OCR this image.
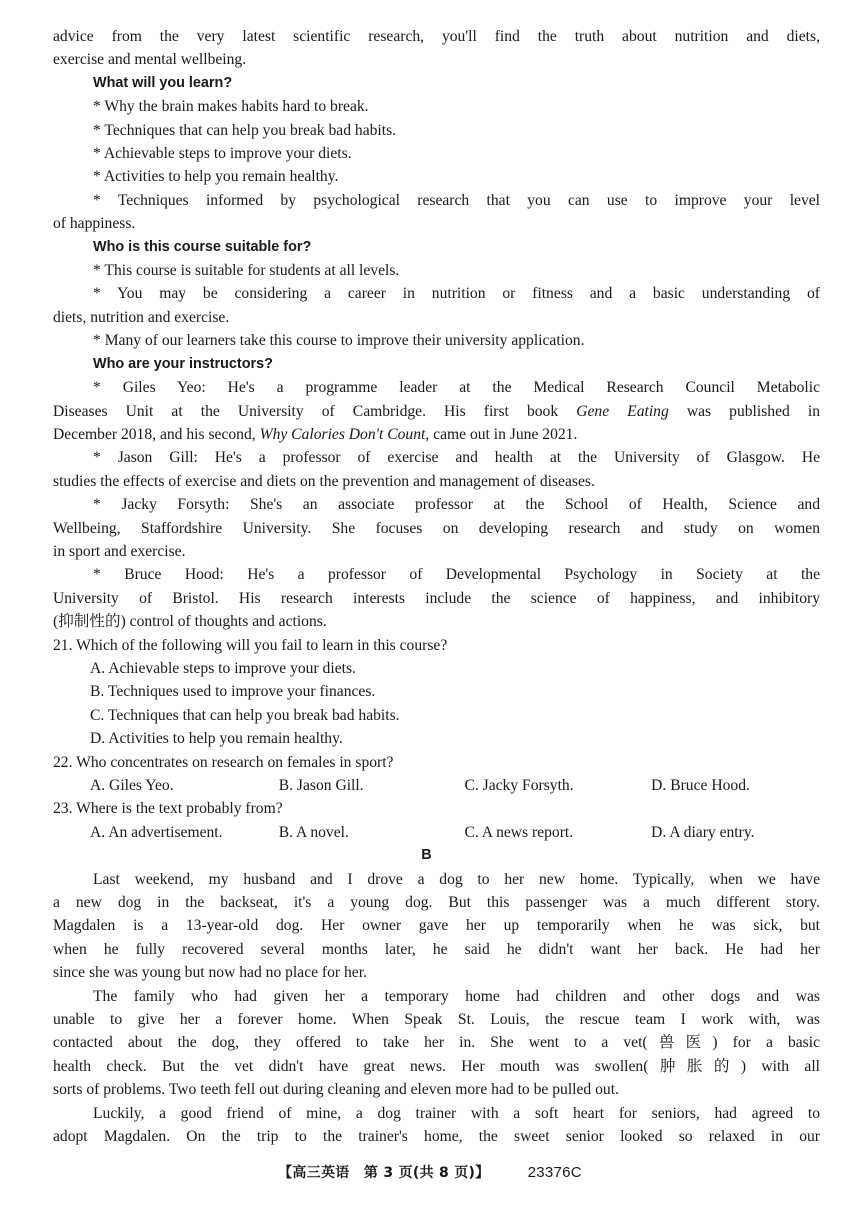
advice from the very latest scientific research, you'll find the truth about nutrition and diets,

exercise and mental wellbeing.

What will you learn?

* Why the brain makes habits hard to break.

* Techniques that can help you break bad habits.

* Achievable steps to improve your diets.

* Activities to help you remain healthy.

* Techniques informed by psychological research that you can use to improve your level

of happiness.

Who is this course suitable for?

* This course is suitable for students at all levels.

* You may be considering a career in nutrition or fitness and a basic understanding of

diets, nutrition and exercise.

* Many of our learners take this course to improve their university application.

Who are your instructors?

* Giles Yeo: He's a programme leader at the Medical Research Council Metabolic

Diseases Unit at the University of Cambridge. His first book Gene Eating was published in

December 2018, and his second, Why Calories Don't Count, came out in June 2021.

* Jason Gill: He's a professor of exercise and health at the University of Glasgow. He

studies the effects of exercise and diets on the prevention and management of diseases.

* Jacky Forsyth: She's an associate professor at the School of Health, Science and

Wellbeing, Staffordshire University. She focuses on developing research and study on women

in sport and exercise.

* Bruce Hood: He's a professor of Developmental Psychology in Society at the

University of Bristol. His research interests include the science of happiness, and inhibitory

(抑制性的) control of thoughts and actions.

21. Which of the following will you fail to learn in this course?

A. Achievable steps to improve your diets.

B. Techniques used to improve your finances.

C. Techniques that can help you break bad habits.

D. Activities to help you remain healthy.

22. Who concentrates on research on females in sport?

A. Giles Yeo.	B. Jason Gill.	C. Jacky Forsyth.	D. Bruce Hood.

23. Where is the text probably from?

A. An advertisement.	B. A novel.	C. A news report.	D. A diary entry.

B

Last weekend, my husband and I drove a dog to her new home. Typically, when we have

a new dog in the backseat, it's a young dog. But this passenger was a much different story.

Magdalen is a 13-year-old dog. Her owner gave her up temporarily when he was sick, but

when he fully recovered several months later, he said he didn't want her back. He had her

since she was young but now had no place for her.

The family who had given her a temporary home had children and other dogs and was

unable to give her a forever home. When Speak St. Louis, the rescue team I work with, was

contacted about the dog, they offered to take her in. She went to a vet(兽医) for a basic

health check. But the vet didn't have great news. Her mouth was swollen(肿胀的) with all

sorts of problems. Two teeth fell out during cleaning and eleven more had to be pulled out.

Luckily, a good friend of mine, a dog trainer with a soft heart for seniors, had agreed to

adopt Magdalen. On the trip to the trainer's home, the sweet senior looked so relaxed in our

【高三英语　第 3 页(共 8 页)】	23376C
